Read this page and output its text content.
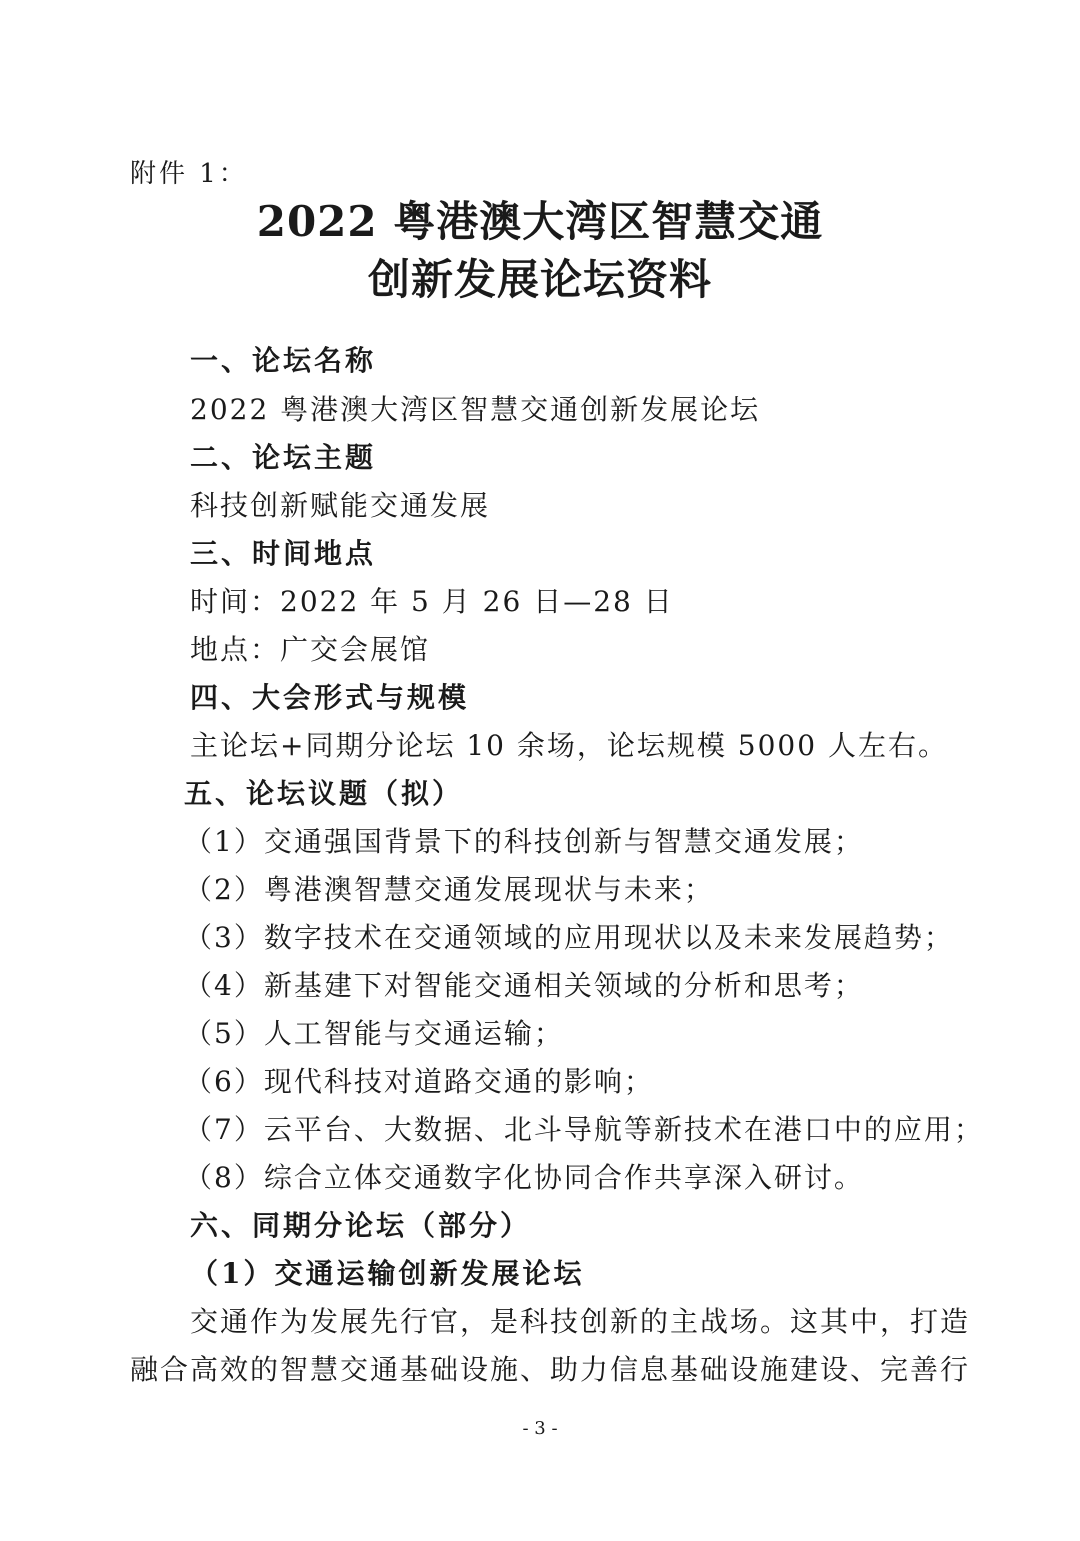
附件 1：
2022 粤港澳大湾区智慧交通
创新发展论坛资料
一、论坛名称
2022 粤港澳大湾区智慧交通创新发展论坛
二、论坛主题
科技创新赋能交通发展
三、时间地点
时间：2022 年 5 月 26 日—28 日
地点：广交会展馆
四、大会形式与规模
主论坛+同期分论坛 10 余场，论坛规模 5000 人左右。
五、论坛议题（拟）
（1）交通强国背景下的科技创新与智慧交通发展；
（2）粤港澳智慧交通发展现状与未来；
（3）数字技术在交通领域的应用现状以及未来发展趋势；
（4）新基建下对智能交通相关领域的分析和思考；
（5）人工智能与交通运输；
（6）现代科技对道路交通的影响；
（7）云平台、大数据、北斗导航等新技术在港口中的应用；
（8）综合立体交通数字化协同合作共享深入研讨。
六、同期分论坛（部分）
（1）交通运输创新发展论坛
交通作为发展先行官，是科技创新的主战场。这其中，打造
融合高效的智慧交通基础设施、助力信息基础设施建设、完善行
- 3 -
